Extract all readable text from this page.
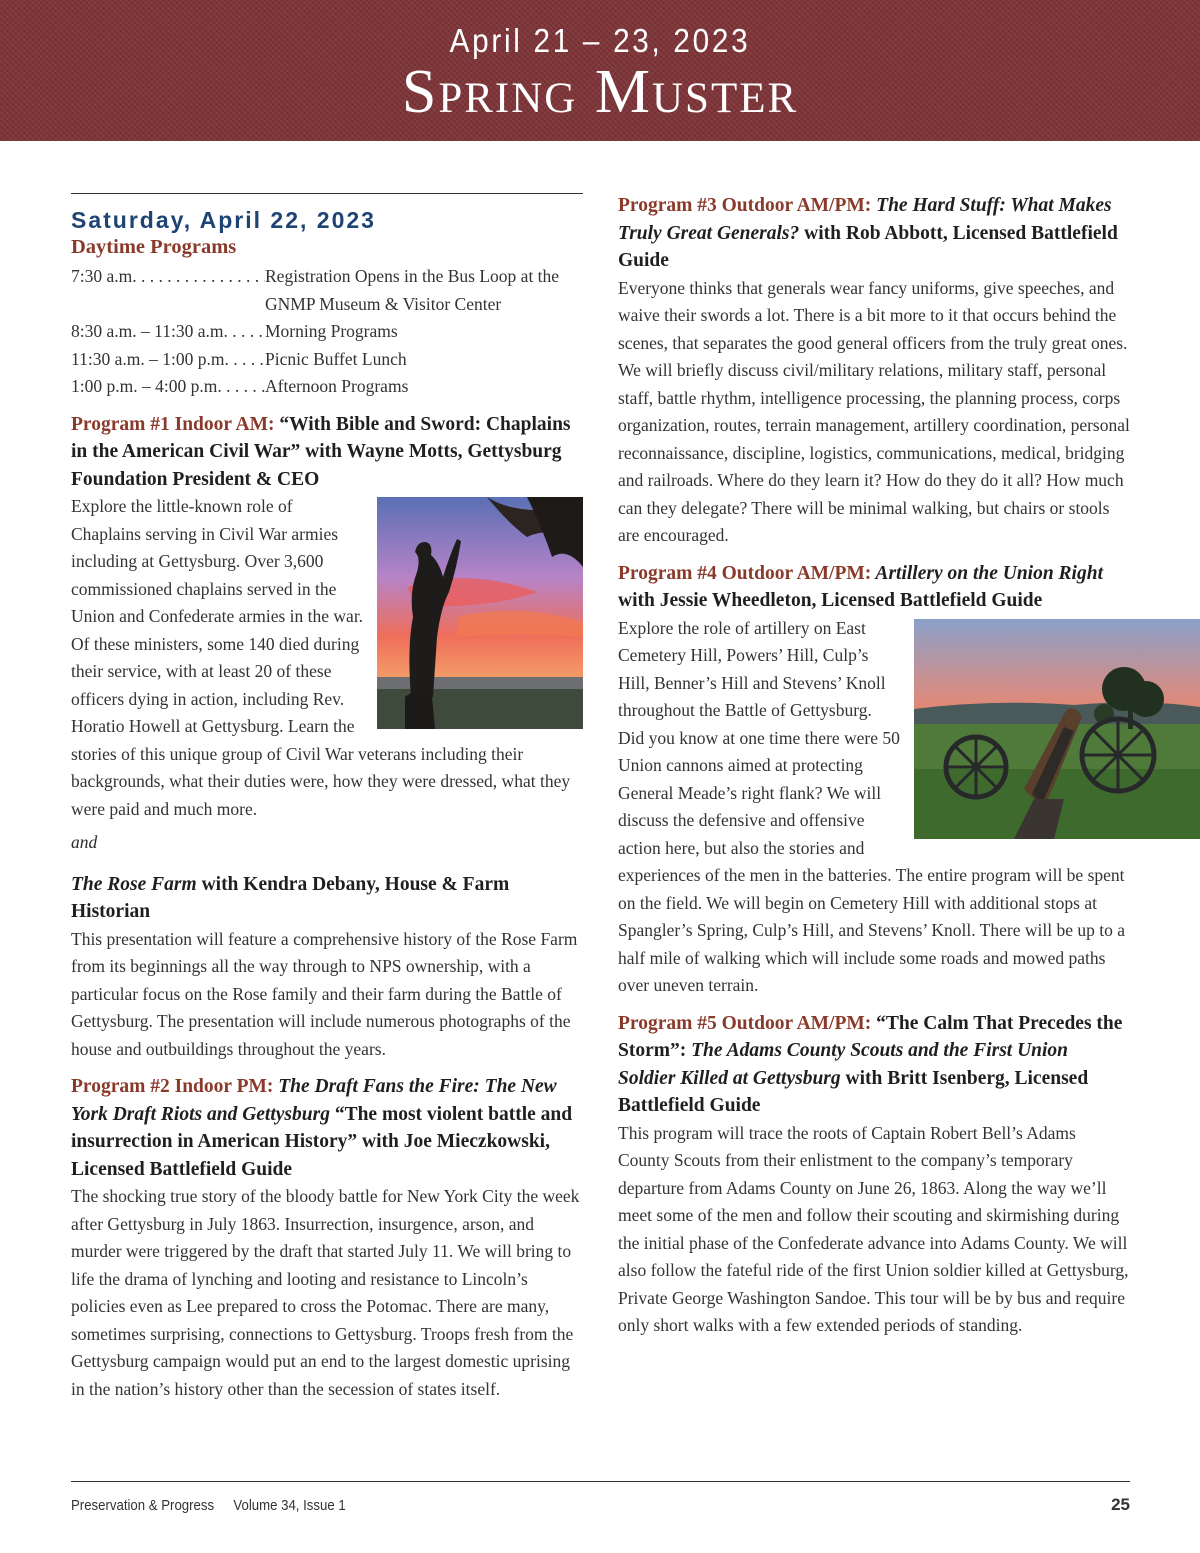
April 21 – 23, 2023
Spring Muster
Saturday, April 22, 2023
Daytime Programs
7:30 a.m. . . .	Registration Opens in the Bus Loop at the GNMP Museum & Visitor Center
8:30 a.m. – 11:30 a.m. . . .	Morning Programs
11:30 a.m. – 1:00 p.m. . . .	Picnic Buffet Lunch
1:00 p.m. – 4:00 p.m. . . .	Afternoon Programs
Program #1 Indoor AM: “With Bible and Sword: Chaplains in the American Civil War” with Wayne Motts, Gettysburg Foundation President & CEO
Explore the little-known role of Chaplains serving in Civil War armies including at Gettysburg. Over 3,600 commissioned chaplains served in the Union and Confederate armies in the war. Of these ministers, some 140 died during their service, with at least 20 of these officers dying in action, including Rev. Horatio Howell at Gettysburg. Learn the stories of this unique group of Civil War veterans including their backgrounds, what their duties were, how they were dressed, what they were paid and much more.
and
The Rose Farm with Kendra Debany, House & Farm Historian
This presentation will feature a comprehensive history of the Rose Farm from its beginnings all the way through to NPS ownership, with a particular focus on the Rose family and their farm during the Battle of Gettysburg. The presentation will include numerous photographs of the house and outbuildings throughout the years.
Program #2 Indoor PM: The Draft Fans the Fire: The New York Draft Riots and Gettysburg “The most violent battle and insurrection in American History” with Joe Mieczkowski, Licensed Battlefield Guide
The shocking true story of the bloody battle for New York City the week after Gettysburg in July 1863. Insurrection, insurgence, arson, and murder were triggered by the draft that started July 11. We will bring to life the drama of lynching and looting and resistance to Lincoln’s policies even as Lee prepared to cross the Potomac. There are many, sometimes surprising, connections to Gettysburg. Troops fresh from the Gettysburg campaign would put an end to the largest domestic uprising in the nation’s history other than the secession of states itself.
Program #3 Outdoor AM/PM: The Hard Stuff: What Makes Truly Great Generals? with Rob Abbott, Licensed Battlefield Guide
Everyone thinks that generals wear fancy uniforms, give speeches, and waive their swords a lot. There is a bit more to it that occurs behind the scenes, that separates the good general officers from the truly great ones. We will briefly discuss civil/military relations, military staff, personal staff, battle rhythm, intelligence processing, the planning process, corps organization, routes, terrain management, artillery coordination, personal reconnaissance, discipline, logistics, communications, medical, bridging and railroads. Where do they learn it? How do they do it all? How much can they delegate? There will be minimal walking, but chairs or stools are encouraged.
Program #4 Outdoor AM/PM: Artillery on the Union Right with Jessie Wheedleton, Licensed Battlefield Guide
Explore the role of artillery on East Cemetery Hill, Powers’ Hill, Culp’s Hill, Benner’s Hill and Stevens’ Knoll throughout the Battle of Gettysburg. Did you know at one time there were 50 Union cannons aimed at protecting General Meade’s right flank? We will discuss the defensive and offensive action here, but also the stories and experiences of the men in the batteries. The entire program will be spent on the field. We will begin on Cemetery Hill with additional stops at Spangler’s Spring, Culp’s Hill, and Stevens’ Knoll. There will be up to a half mile of walking which will include some roads and mowed paths over uneven terrain.
Program #5 Outdoor AM/PM: “The Calm That Precedes the Storm”: The Adams County Scouts and the First Union Soldier Killed at Gettysburg with Britt Isenberg, Licensed Battlefield Guide
This program will trace the roots of Captain Robert Bell’s Adams County Scouts from their enlistment to the company’s temporary departure from Adams County on June 26, 1863. Along the way we’ll meet some of the men and follow their scouting and skirmishing during the initial phase of the Confederate advance into Adams County. We will also follow the fateful ride of the first Union soldier killed at Gettysburg, Private George Washington Sandoe. This tour will be by bus and require only short walks with a few extended periods of standing.
Preservation & Progress Volume 34, Issue 1	25
